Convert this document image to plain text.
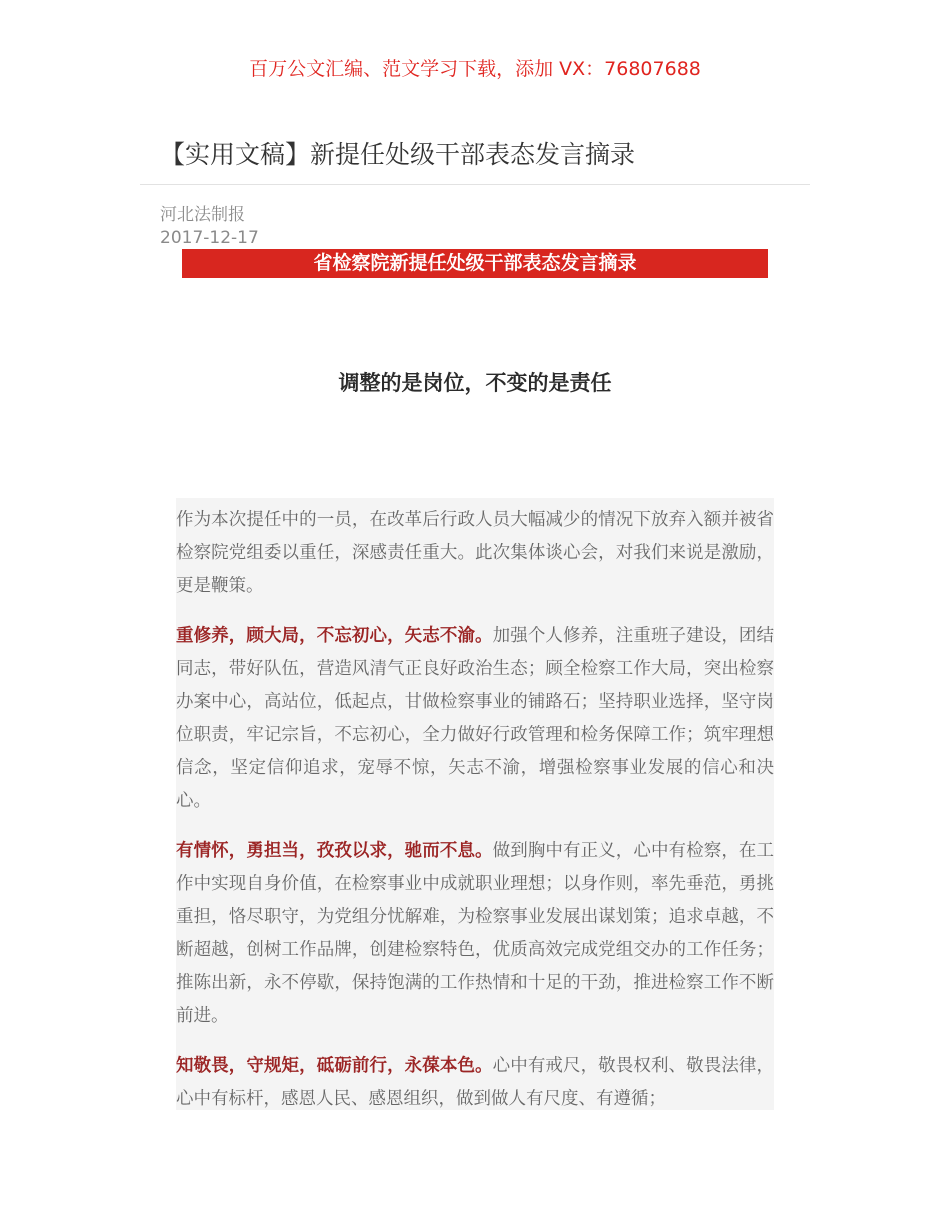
百万公文汇编、范文学习下载，添加 VX：76807688
【实用文稿】新提任处级干部表态发言摘录
河北法制报
2017-12-17
省检察院新提任处级干部表态发言摘录
调整的是岗位，不变的是责任

作为本次提任中的一员，在改革后行政人员大幅减少的情况下放弃入额并被省检察院党组委以重任，深感责任重大。此次集体谈心会，对我们来说是激励，更是鞭策。

重修养，顾大局，不忘初心，矢志不渝。加强个人修养，注重班子建设，团结同志，带好队伍，营造风清气正良好政治生态；顾全检察工作大局，突出检察办案中心，高站位，低起点，甘做检察事业的铺路石；坚持职业选择，坚守岗位职责，牢记宗旨，不忘初心，全力做好行政管理和检务保障工作；筑牢理想信念，坚定信仰追求，宠辱不惊，矢志不渝，增强检察事业发展的信心和决心。

有情怀，勇担当，孜孜以求，驰而不息。做到胸中有正义，心中有检察，在工作中实现自身价值，在检察事业中成就职业理想；以身作则，率先垂范，勇挑重担，恪尽职守，为党组分忧解难，为检察事业发展出谋划策；追求卓越，不断超越，创树工作品牌，创建检察特色，优质高效完成党组交办的工作任务；推陈出新，永不停歇，保持饱满的工作热情和十足的干劲，推进检察工作不断前进。

知敬畏，守规矩，砥砺前行，永葆本色。心中有戒尺，敬畏权利、敬畏法律，心中有标杆，感恩人民、感恩组织，做到做人有尺度、有遵循；
